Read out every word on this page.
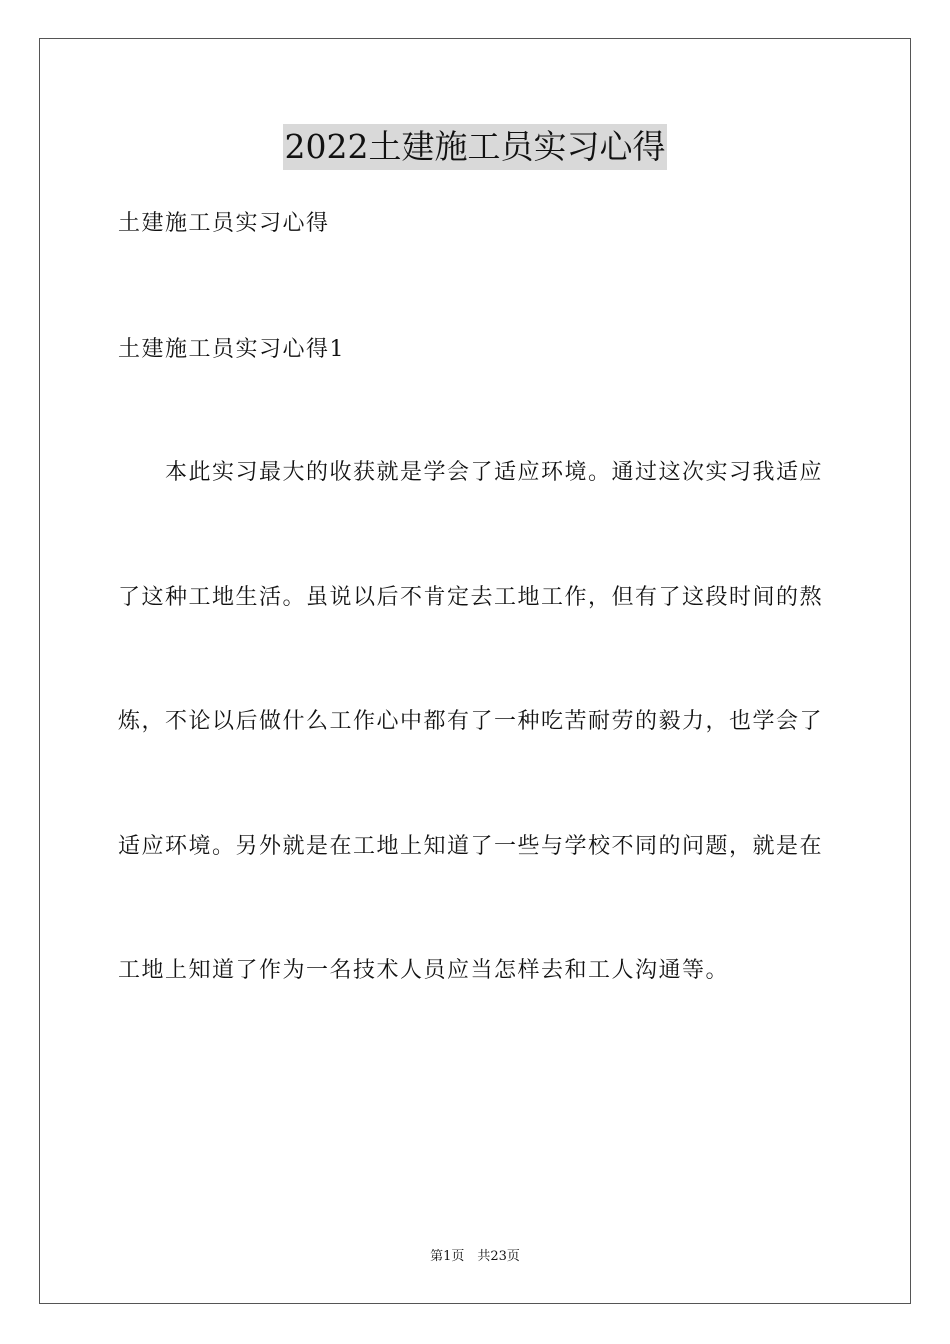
2022土建施工员实习心得
土建施工员实习心得
土建施工员实习心得1
　　本此实习最大的收获就是学会了适应环境。通过这次实习我适应
了这种工地生活。虽说以后不肯定去工地工作，但有了这段时间的熬
炼，不论以后做什么工作心中都有了一种吃苦耐劳的毅力，也学会了
适应环境。另外就是在工地上知道了一些与学校不同的问题，就是在
工地上知道了作为一名技术人员应当怎样去和工人沟通等。
第1页　共23页
